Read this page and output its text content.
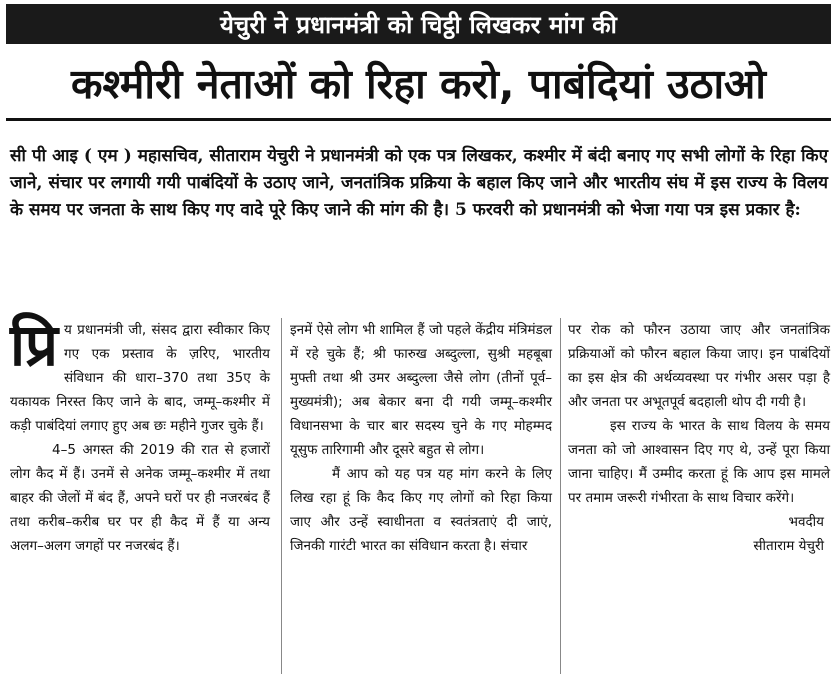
येचुरी ने प्रधानमंत्री को चिट्ठी लिखकर मांग की
कश्मीरी नेताओं को रिहा करो, पाबंदियां उठाओ

सी पी आइ ( एम ) महासचिव, सीताराम येचुरी ने प्रधानमंत्री को एक पत्र लिखकर, कश्मीर में बंदी बनाए गए सभी लोगों के रिहा किए जाने, संचार पर लगायी गयी पाबंदियों के उठाए जाने, जनतांत्रिक प्रक्रिया के बहाल किए जाने और भारतीय संघ में इस राज्य के विलय के समय पर जनता के साथ किए गए वादे पूरे किए जाने की मांग की है। 5 फरवरी को प्रधानमंत्री को भेजा गया पत्र इस प्रकार है:

प्रि य प्रधानमंत्री जी, संसद द्वारा स्वीकार किए गए एक प्रस्ताव के ज़रिए, भारतीय संविधान की धारा–370 तथा 35ए के यकायक निरस्त किए जाने के बाद, जम्मू–कश्मीर में कड़ी पाबंदियां लगाए हुए अब छः महीने गुजर चुके हैं।

4–5 अगस्त की 2019 की रात से हजारों लोग कैद में हैं। उनमें से अनेक जम्मू–कश्मीर में तथा बाहर की जेलों में बंद हैं, अपने घरों पर ही नजरबंद हैं तथा करीब–करीब घर पर ही कैद में हैं या अन्य अलग–अलग जगहों पर नजरबंद हैं।

इनमें ऐसे लोग भी शामिल हैं जो पहले केंद्रीय मंत्रिमंडल में रहे चुके हैं; श्री फारुख अब्दुल्ला, सुश्री महबूबा मुफ्ती तथा श्री उमर अब्दुल्ला जैसे लोग (तीनों पूर्व–मुख्यमंत्री); अब बेकार बना दी गयी जम्मू–कश्मीर विधानसभा के चार बार सदस्य चुने के गए मोहम्मद यूसुफ तारिगामी और दूसरे बहुत से लोग।

मैं आप को यह पत्र यह मांग करने के लिए लिख रहा हूं कि कैद किए गए लोगों को रिहा किया जाए और उन्हें स्वाधीनता व स्वतंत्रताएं दी जाएं, जिनकी गारंटी भारत का संविधान करता है। संचार

पर रोक को फौरन उठाया जाए और जनतांत्रिक प्रक्रियाओं को फौरन बहाल किया जाए। इन पाबंदियों का इस क्षेत्र की अर्थव्यवस्था पर गंभीर असर पड़ा है और जनता पर अभूतपूर्व बदहाली थोप दी गयी है।

इस राज्य के भारत के साथ विलय के समय जनता को जो आश्वासन दिए गए थे, उन्हें पूरा किया जाना चाहिए। मैं उम्मीद करता हूं कि आप इस मामले पर तमाम जरूरी गंभीरता के साथ विचार करेंगे।

भवदीय

सीताराम येचुरी
